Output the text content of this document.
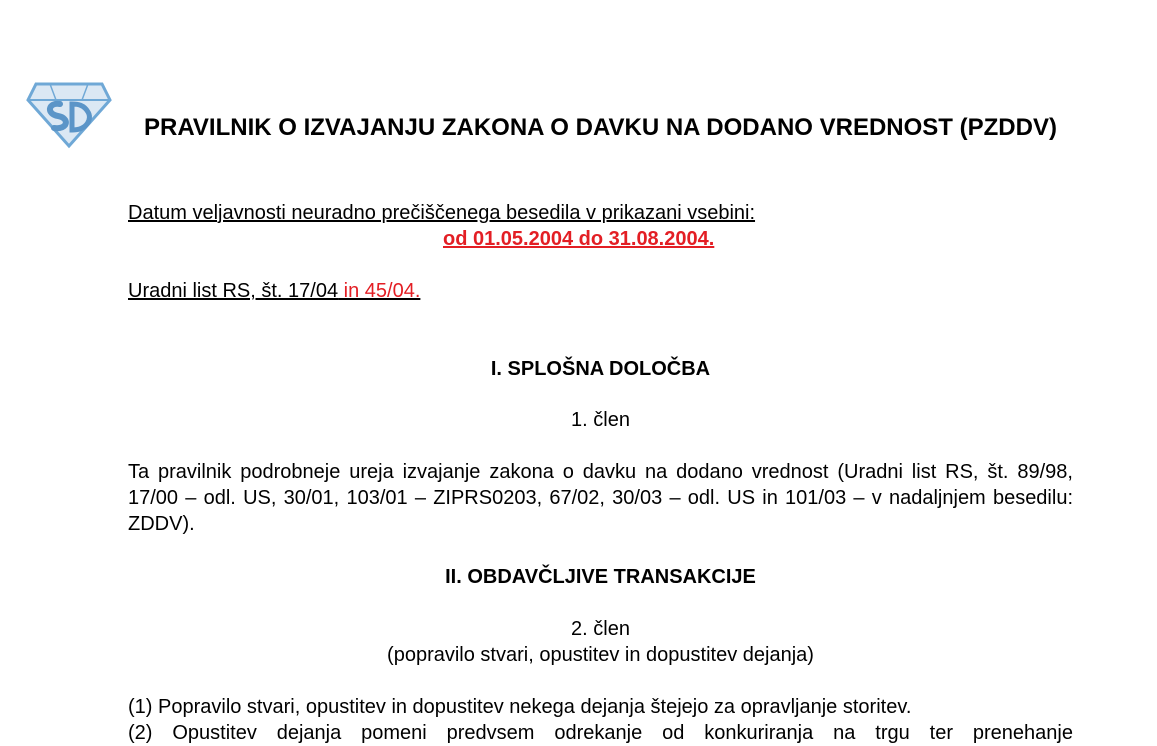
PRAVILNIK O IZVAJANJU ZAKONA O DAVKU NA DODANO VREDNOST (PZDDV)
Datum veljavnosti neuradno prečiščenega besedila v prikazani vsebini:
od 01.05.2004 do 31.08.2004.
Uradni list RS, št. 17/04 in 45/04.
I. SPLOŠNA DOLOČBA
1. člen
Ta pravilnik podrobneje ureja izvajanje zakona o davku na dodano vrednost (Uradni list RS, št. 89/98, 17/00 – odl. US, 30/01, 103/01 – ZIPRS0203, 67/02, 30/03 – odl. US in 101/03 – v nadaljnjem besedilu: ZDDV).
II. OBDAVČLJIVE TRANSAKCIJE
2. člen
(popravilo stvari, opustitev in dopustitev dejanja)
(1) Popravilo stvari, opustitev in dopustitev nekega dejanja štejejo za opravljanje storitev.
(2) Opustitev dejanja pomeni predvsem odrekanje od konkuriranja na trgu ter prenehanje
